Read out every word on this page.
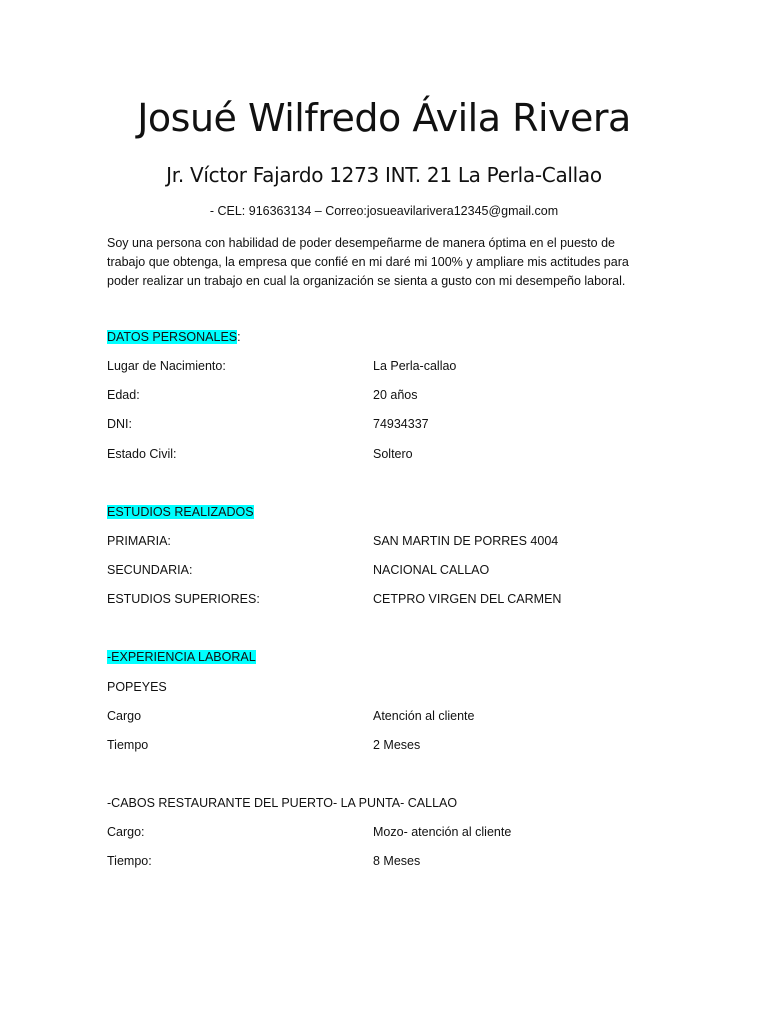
Josué Wilfredo Ávila Rivera
Jr. Víctor Fajardo 1273 INT. 21 La Perla-Callao
- CEL: 916363134 – Correo:josueavilarivera12345@gmail.com
Soy una persona con habilidad de poder desempeñarme de manera óptima en el puesto de trabajo que obtenga, la empresa que confié en mi daré mi 100% y ampliare mis actitudes para poder realizar un trabajo en cual la organización se sienta a gusto con mi desempeño laboral.
DATOS PERSONALES:
Lugar de Nacimiento:	La Perla-callao
Edad:	20 años
DNI:	74934337
Estado Civil:	Soltero
ESTUDIOS REALIZADOS
PRIMARIA:	SAN MARTIN DE PORRES 4004
SECUNDARIA:	NACIONAL CALLAO
ESTUDIOS SUPERIORES:	CETPRO VIRGEN DEL CARMEN
-EXPERIENCIA LABORAL
POPEYES
Cargo	Atención al cliente
Tiempo	2 Meses
-CABOS RESTAURANTE DEL PUERTO- LA PUNTA- CALLAO
Cargo:	Mozo- atención al cliente
Tiempo:	8 Meses
